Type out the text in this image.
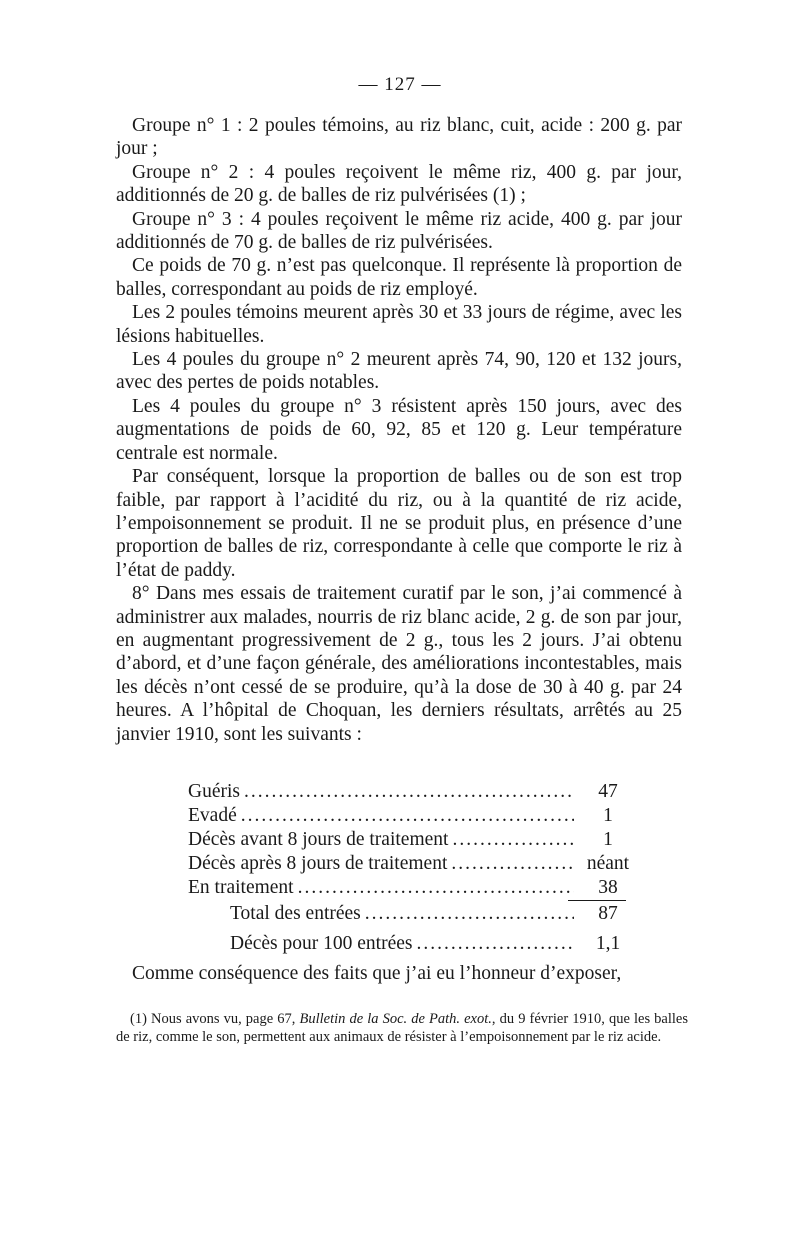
— 127 —

Groupe n° 1 : 2 poules témoins, au riz blanc, cuit, acide : 200 g. par jour ;

Groupe n° 2 : 4 poules reçoivent le même riz, 400 g. par jour, additionnés de 20 g. de balles de riz pulvérisées (1) ;

Groupe n° 3 : 4 poules reçoivent le même riz acide, 400 g. par jour additionnés de 70 g. de balles de riz pulvérisées.

Ce poids de 70 g. n’est pas quelconque. Il représente là proportion de balles, correspondant au poids de riz employé.

Les 2 poules témoins meurent après 30 et 33 jours de régime, avec les lésions habituelles.

Les 4 poules du groupe n° 2 meurent après 74, 90, 120 et 132 jours, avec des pertes de poids notables.

Les 4 poules du groupe n° 3 résistent après 150 jours, avec des augmentations de poids de 60, 92, 85 et 120 g. Leur température centrale est normale.

Par conséquent, lorsque la proportion de balles ou de son est trop faible, par rapport à l’acidité du riz, ou à la quantité de riz acide, l’empoisonnement se produit. Il ne se produit plus, en présence d’une proportion de balles de riz, correspondante à celle que comporte le riz à l’état de paddy.

8° Dans mes essais de traitement curatif par le son, j’ai commencé à administrer aux malades, nourris de riz blanc acide, 2 g. de son par jour, en augmentant progressivement de 2 g., tous les 2 jours. J’ai obtenu d’abord, et d’une façon générale, des améliorations incontestables, mais les décès n’ont cessé de se produire, qu’à la dose de 30 à 40 g. par 24 heures. A l’hôpital de Choquan, les derniers résultats, arrêtés au 25 janvier 1910, sont les suivants :

Guéris .....	47
Evadé .....	1
Décès avant 8 jours de traitement .....	1
Décès après 8 jours de traitement .....	néant
En traitement .....	38
Total des entrées .....	87
Décès pour 100 entrées .....	1,1
Comme conséquence des faits que j’ai eu l’honneur d’exposer,

(1) Nous avons vu, page 67, Bulletin de la Soc. de Path. exot., du 9 février 1910, que les balles de riz, comme le son, permettent aux animaux de résister à l’empoisonnement par le riz acide.
